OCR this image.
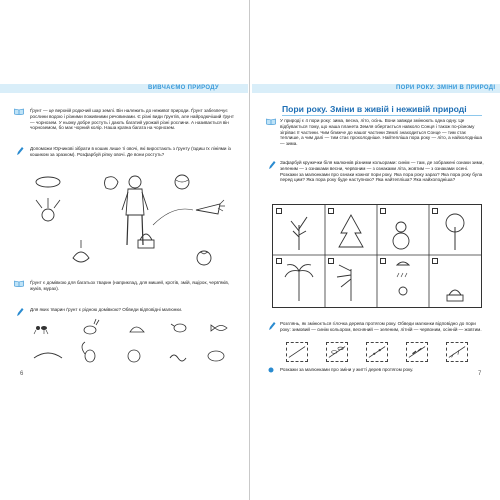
ВИВЧАЄМО ПРИРОДУ
Ґрунт — це верхній родючий шар землі. Він належить до неживої природи. Ґрунт забезпечує рослини водою і різними поживними речовинами. Є різні види ґрунтів, але найродючіший ґрунт — чорнозем. У ньому добре ростуть і дають багатий урожай різні рослини. А називається він чорноземом, бо має чорний колір. Наша країна багата на чорнозем.
Допоможи Юрчикові зібрати в кошик лише ті овочі, які виростають з ґрунту (їздиш їх лініями із кошиком за зразком). Розфарбуй ріпку овочі. Де вони ростуть?
Ґрунт є домівкою для багатьох тварин (наприклад, для мишей, кротів, змій, ящірок, черв'яків, жуків, мурах).
Для яких тварин ґрунт є рідною домівкою? Обведи відповідні малюнки.
6
ПОРИ РОКУ. ЗМІНИ В ПРИРОДІ
Пори року. Зміни в живій і неживій природі
У природі є 4 пори року: зима, весна, літо, осінь. Вони завжди змінюють одна одну. Це відбувається тому, що наша планета Земля обертається навколо Сонця і також по-різному зігріває її частини. Чим ближче до нашої частини Землі знаходиться Сонце — тим стає теплише, а чим далі — тим стає прохолодніше. Найтепліша пора року — літо, а найхолодніша — зима.
Зафарбуй кружечки біля малюнків різними кольорами: синім — там, де зображені ознаки зими, зеленим — з ознаками весни, червоним — з ознаками літа, жовтим — з ознаками осені. Розкажи за малюнками про ознаки кожної пори року. Яка пора року зараз? Яка пора року була перед цим? Яка пора року буде наступною? Яка найтепліша? Яка найхолодніша?
Розглянь, як змінюється гілочка дерева протягом року. Обведи малюнки відповідно до пори року: зимовий — синім кольором, весняний — зеленим, літній — червоним, осінній — жовтим.
Розкажи за малюнками про зміни у житті дерев протягом року.
7
